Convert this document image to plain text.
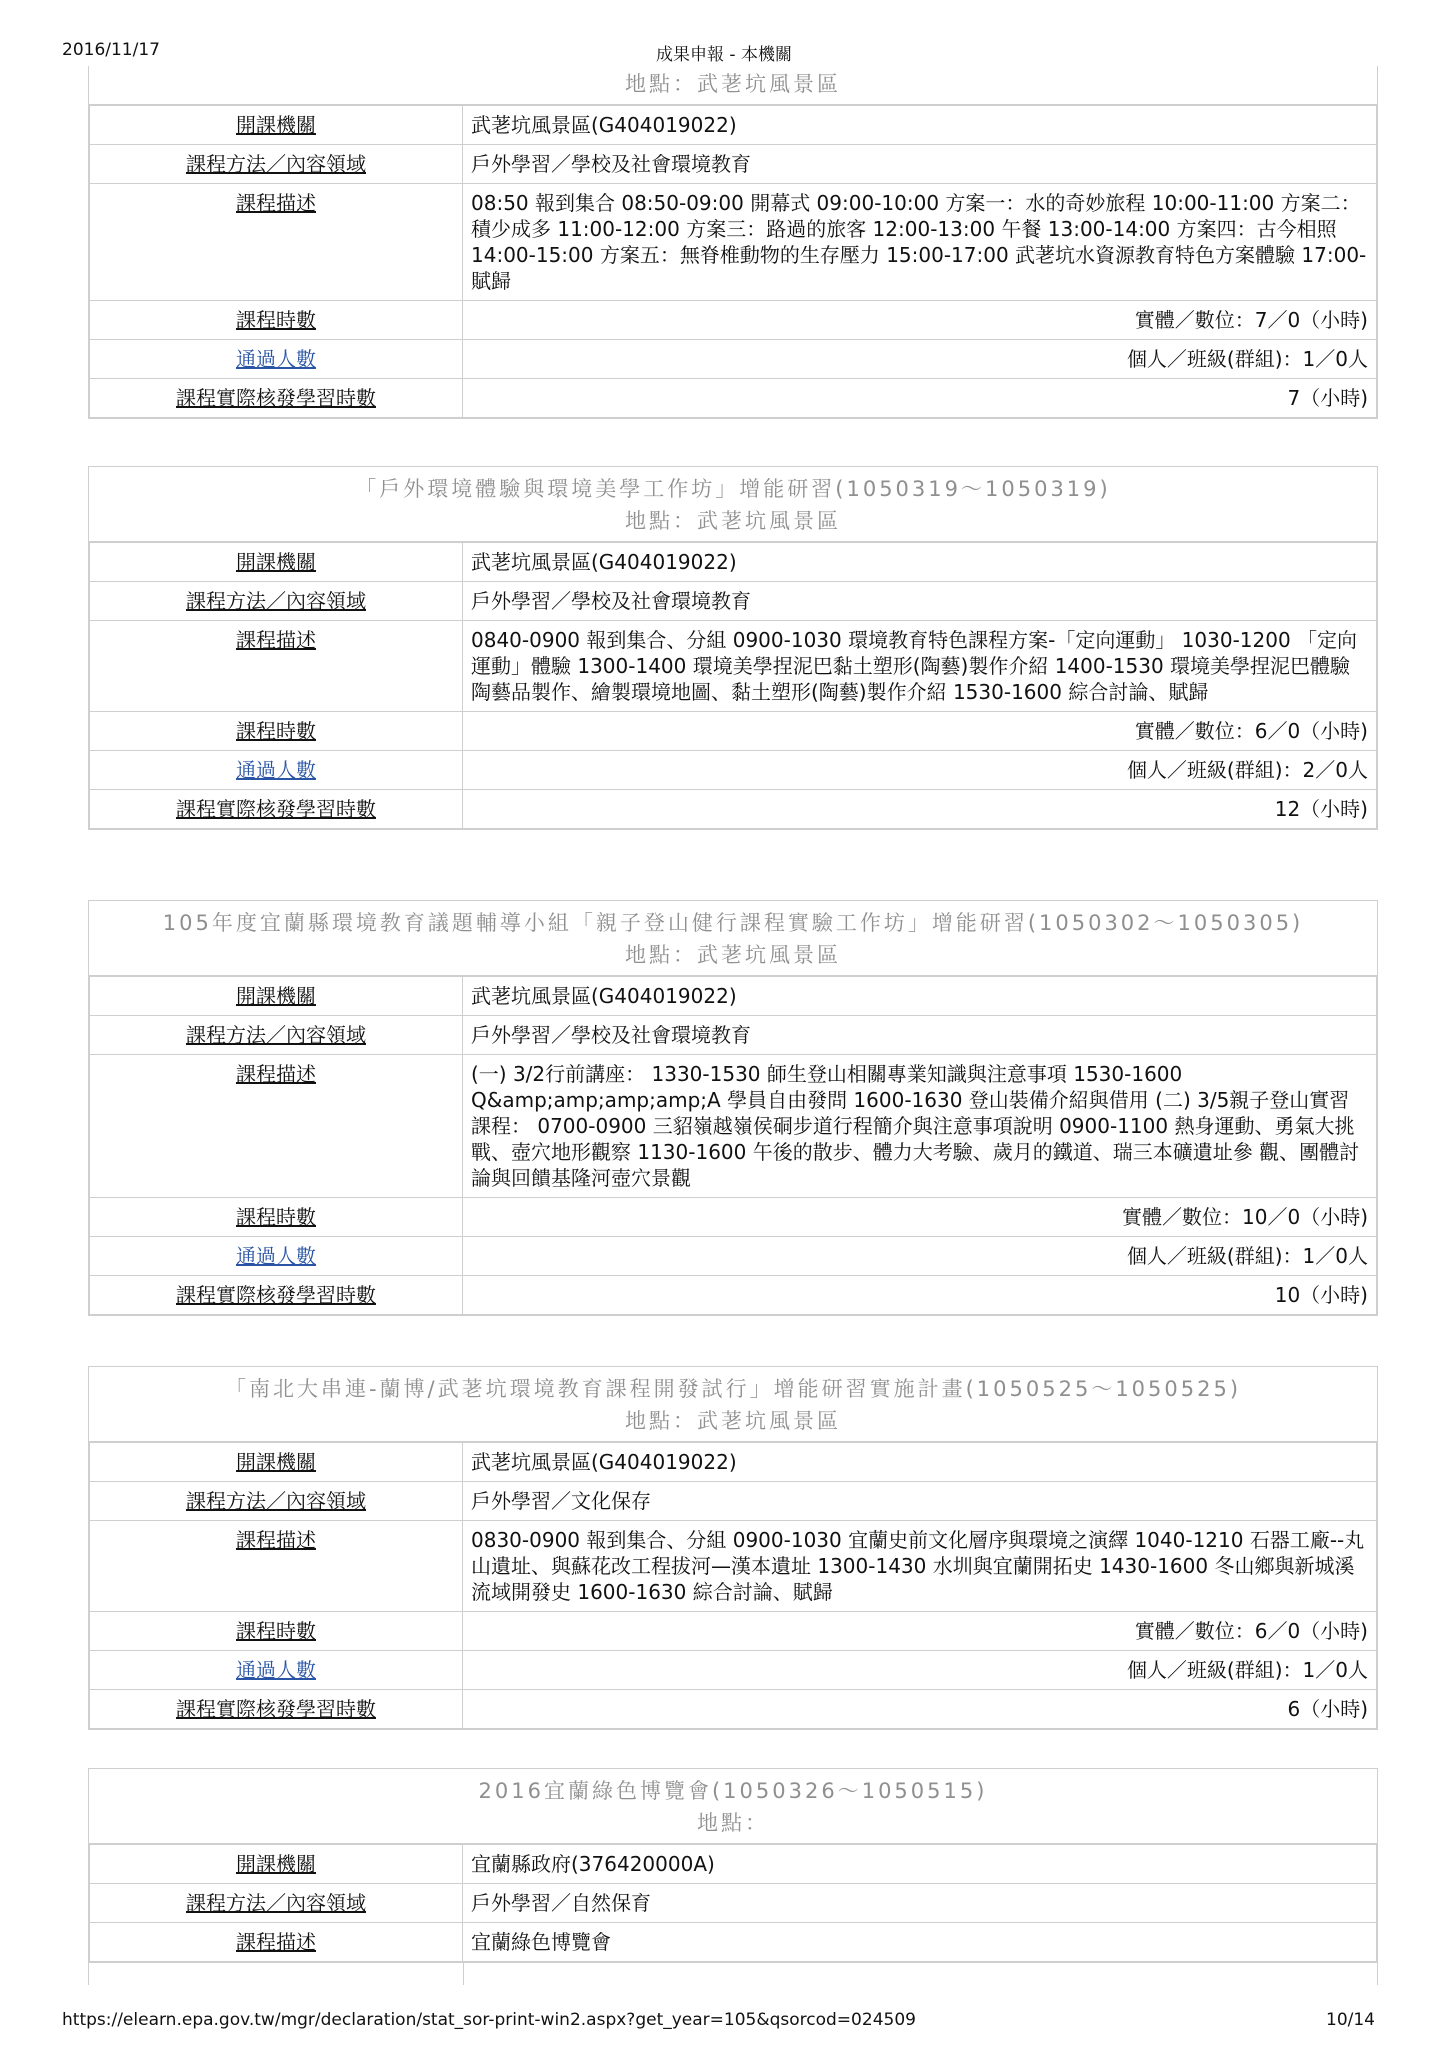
2016/11/17	成果申報 - 本機關
地點：武荖坑風景區
開課機關	武荖坑風景區(G404019022)
課程方法／內容領域	戶外學習／學校及社會環境教育
課程描述	08:50 報到集合 08:50-09:00 開幕式 09:00-10:00 方案一：水的奇妙旅程 10:00-11:00 方案二：積少成多 11:00-12:00 方案三：路過的旅客 12:00-13:00 午餐 13:00-14:00 方案四：古今相照 14:00-15:00 方案五：無脊椎動物的生存壓力 15:00-17:00 武荖坑水資源教育特色方案體驗 17:00- 賦歸
課程時數	實體／數位：7／0（小時)
通過人數	個人／班級(群組)：1／0人
課程實際核發學習時數	7（小時)
「戶外環境體驗與環境美學工作坊」增能研習(1050319～1050319)
地點：武荖坑風景區
開課機關	武荖坑風景區(G404019022)
課程方法／內容領域	戶外學習／學校及社會環境教育
課程描述	0840-0900 報到集合、分組 0900-1030 環境教育特色課程方案-「定向運動」 1030-1200 「定向運動」體驗 1300-1400 環境美學捏泥巴黏土塑形(陶藝)製作介紹 1400-1530 環境美學捏泥巴體驗陶藝品製作、繪製環境地圖、黏土塑形(陶藝)製作介紹 1530-1600 綜合討論、賦歸
課程時數	實體／數位：6／0（小時)
通過人數	個人／班級(群組)：2／0人
課程實際核發學習時數	12（小時)
105年度宜蘭縣環境教育議題輔導小組「親子登山健行課程實驗工作坊」增能研習(1050302～1050305)
地點：武荖坑風景區
開課機關	武荖坑風景區(G404019022)
課程方法／內容領域	戶外學習／學校及社會環境教育
課程描述	(一) 3/2行前講座： 1330-1530 師生登山相關專業知識與注意事項 1530-1600 Q&amp;amp;amp;amp;A 學員自由發問 1600-1630 登山裝備介紹與借用 (二) 3/5親子登山實習課程： 0700-0900 三貂嶺越嶺侯硐步道行程簡介與注意事項說明 0900-1100 熱身運動、勇氣大挑戰、壺穴地形觀察 1130-1600 午後的散步、體力大考驗、歲月的鐵道、瑞三本礦遺址參 觀、團體討論與回饋基隆河壺穴景觀
課程時數	實體／數位：10／0（小時)
通過人數	個人／班級(群組)：1／0人
課程實際核發學習時數	10（小時)
「南北大串連-蘭博/武荖坑環境教育課程開發試行」增能研習實施計畫(1050525～1050525)
地點：武荖坑風景區
開課機關	武荖坑風景區(G404019022)
課程方法／內容領域	戶外學習／文化保存
課程描述	0830-0900 報到集合、分組 0900-1030 宜蘭史前文化層序與環境之演繹 1040-1210 石器工廠--丸山遺址、與蘇花改工程拔河—漢本遺址 1300-1430 水圳與宜蘭開拓史 1430-1600 冬山鄉與新城溪流域開發史 1600-1630 綜合討論、賦歸
課程時數	實體／數位：6／0（小時)
通過人數	個人／班級(群組)：1／0人
課程實際核發學習時數	6（小時)
2016宜蘭綠色博覽會(1050326～1050515)
地點：
開課機關	宜蘭縣政府(376420000A)
課程方法／內容領域	戶外學習／自然保育
課程描述	宜蘭綠色博覽會
https://elearn.epa.gov.tw/mgr/declaration/stat_sor-print-win2.aspx?get_year=105&qsorcod=024509	10/14
